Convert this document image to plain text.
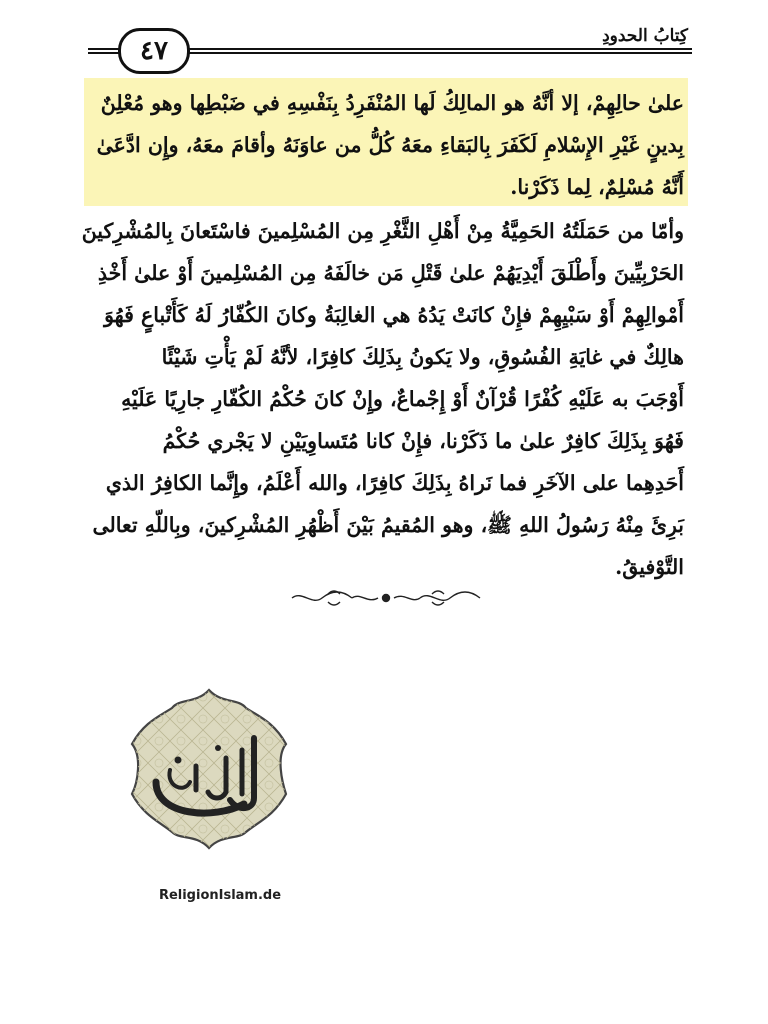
٤٧	كِتابُ الحدودِ
علىٰ حالِهِمْ، إلا أنَّهُ هو المالِكُ لَها المُنْفَرِدُ بِنَفْسِهِ في ضَبْطِها وهو مُعْلِنٌ
بِدينٍ غَيْرِ الإِسْلامِ لَكَفَرَ بِالبَقاءِ معَهُ كُلُّ من عاوَنَهُ وأقامَ معَهُ، وإِن ادَّعَىٰ
أَنَّهُ مُسْلِمٌ، لِما ذَكَرْنا.
وأمّا من حَمَلَتُهُ الحَمِيَّةُ مِنْ أَهْلِ الثَّغْرِ مِن المُسْلِمينَ فاسْتَعانَ بِالمُشْرِكينَ
الحَرْبِيِّينَ وأَطْلَقَ أَيْدِيَهُمْ علىٰ قَتْلِ مَن خالَفَهُ مِن المُسْلِمينَ أَوْ علىٰ أَخْذِ
أَمْوالِهِمْ أَوْ سَبْيِهِمْ فإِنْ كانَتْ يَدُهُ هي الغالِبَةُ وكانَ الكُفّارُ لَهُ كَأَتْباعٍ فَهُوَ
هالِكٌ في غايَةِ الفُسُوقِ، ولا يَكونُ بِذَلِكَ كافِرًا، لأنَّهُ لَمْ يَأْتِ شَيْئًا
أَوْجَبَ به عَلَيْهِ كُفْرًا قُرْآنٌ أَوْ إِجْماعٌ، وإِنْ كانَ حُكْمُ الكُفّارِ جارِيًا عَلَيْهِ
فَهُوَ بِذَلِكَ كافِرٌ علىٰ ما ذَكَرْنا، فإِنْ كانا مُتَساوِيَيْنِ لا يَجْري حُكْمُ
أَحَدِهِما على الآخَرِ فما نَراهُ بِذَلِكَ كافِرًا، والله أَعْلَمُ، وإِنَّما الكافِرُ الذي
بَرِئَ مِنْهُ رَسُولُ اللهِ ﷺ، وهو المُقيمُ بَيْنَ أَظْهُرِ المُشْرِكينَ، وبِاللّهِ تعالى
التَّوْفيقُ.
ReligionIslam.de
